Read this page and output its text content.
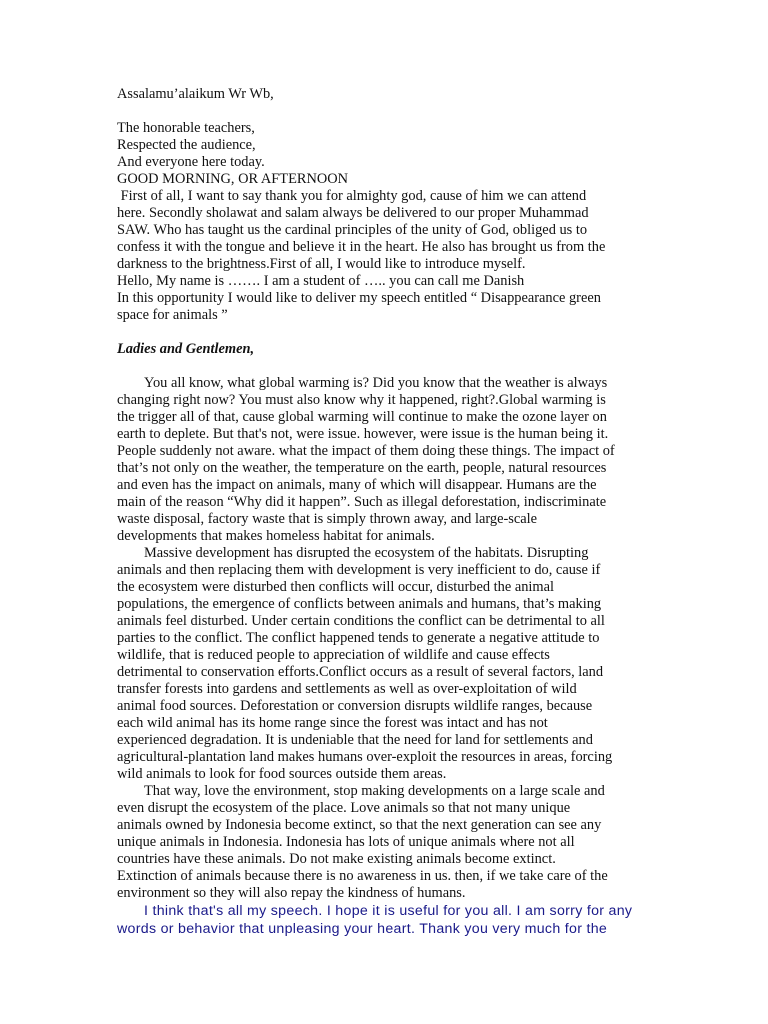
Assalamu’alaikum Wr Wb,
The honorable teachers,
Respected the audience,
And everyone here today.
GOOD MORNING, OR AFTERNOON
First of all, I want to say thank you for almighty god, cause of him we can attend
here. Secondly sholawat and salam always be delivered to our proper Muhammad
SAW. Who has taught us the cardinal principles of the unity of God, obliged us to
confess it with the tongue and believe it in the heart. He also has brought us from the
darkness to the brightness.First of all, I would like to introduce myself.
Hello, My name is ……. I am a student of ….. you can call me Danish
In this opportunity I would like to deliver my speech entitled “ Disappearance green
space for animals ”
Ladies and Gentlemen,
You all know, what global warming is? Did you know that the weather is always
changing right now? You must also know why it happened, right?.Global warming is
the trigger all of that, cause global warming will continue to make the ozone layer on
earth to deplete. But that's not, were issue. however, were issue is the human being it.
People suddenly not aware. what the impact of them doing these things. The impact of
that’s not only on the weather, the temperature on the earth, people, natural resources
and even has the impact on animals, many of which will disappear. Humans are the
main of the reason “Why did it happen”. Such as illegal deforestation, indiscriminate
waste disposal, factory waste that is simply thrown away, and large-scale
developments that makes homeless habitat for animals.
Massive development has disrupted the ecosystem of the habitats. Disrupting
animals and then replacing them with development is very inefficient to do, cause if
the ecosystem were disturbed then conflicts will occur, disturbed the animal
populations, the emergence of conflicts between animals and humans, that’s making
animals feel disturbed. Under certain conditions the conflict can be detrimental to all
parties to the conflict. The conflict happened tends to generate a negative attitude to
wildlife, that is reduced people to appreciation of wildlife and cause effects
detrimental to conservation efforts.Conflict occurs as a result of several factors, land
transfer forests into gardens and settlements as well as over-exploitation of wild
animal food sources. Deforestation or conversion disrupts wildlife ranges, because
each wild animal has its home range since the forest was intact and has not
experienced degradation. It is undeniable that the need for land for settlements and
agricultural-plantation land makes humans over-exploit the resources in areas, forcing
wild animals to look for food sources outside them areas.
That way, love the environment, stop making developments on a large scale and
even disrupt the ecosystem of the place. Love animals so that not many unique
animals owned by Indonesia become extinct, so that the next generation can see any
unique animals in Indonesia. Indonesia has lots of unique animals where not all
countries have these animals. Do not make existing animals become extinct.
Extinction of animals because there is no awareness in us. then, if we take care of the
environment so they will also repay the kindness of humans.
I think that's all my speech. I hope it is useful for you all. I am sorry for any
words or behavior that unpleasing your heart. Thank you very much for the
